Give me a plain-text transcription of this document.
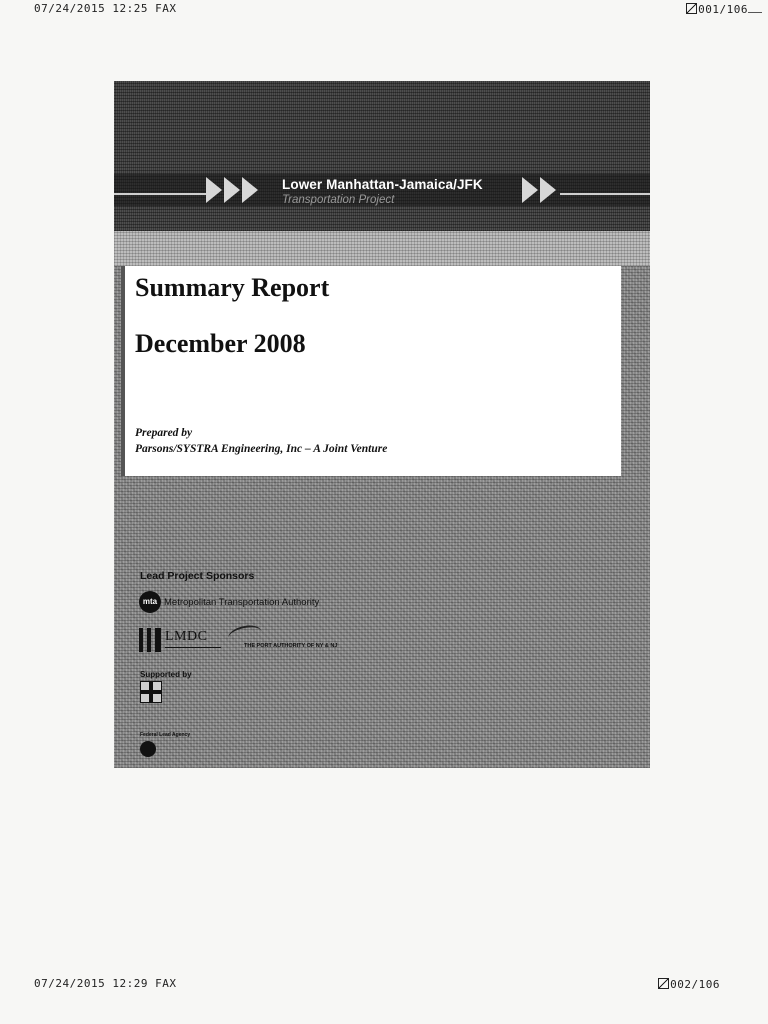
07/24/2015 12:25 FAX	001/106
Lower Manhattan-Jamaica/JFK
Transportation Project
Summary Report
December 2008
Prepared by
Parsons/SYSTRA Engineering, Inc – A Joint Venture
Lead Project Sponsors
mta Metropolitan Transportation Authority
LMDC
THE PORT AUTHORITY OF NY & NJ
Supported by
Federal Lead Agency
07/24/2015 12:29 FAX	002/106
